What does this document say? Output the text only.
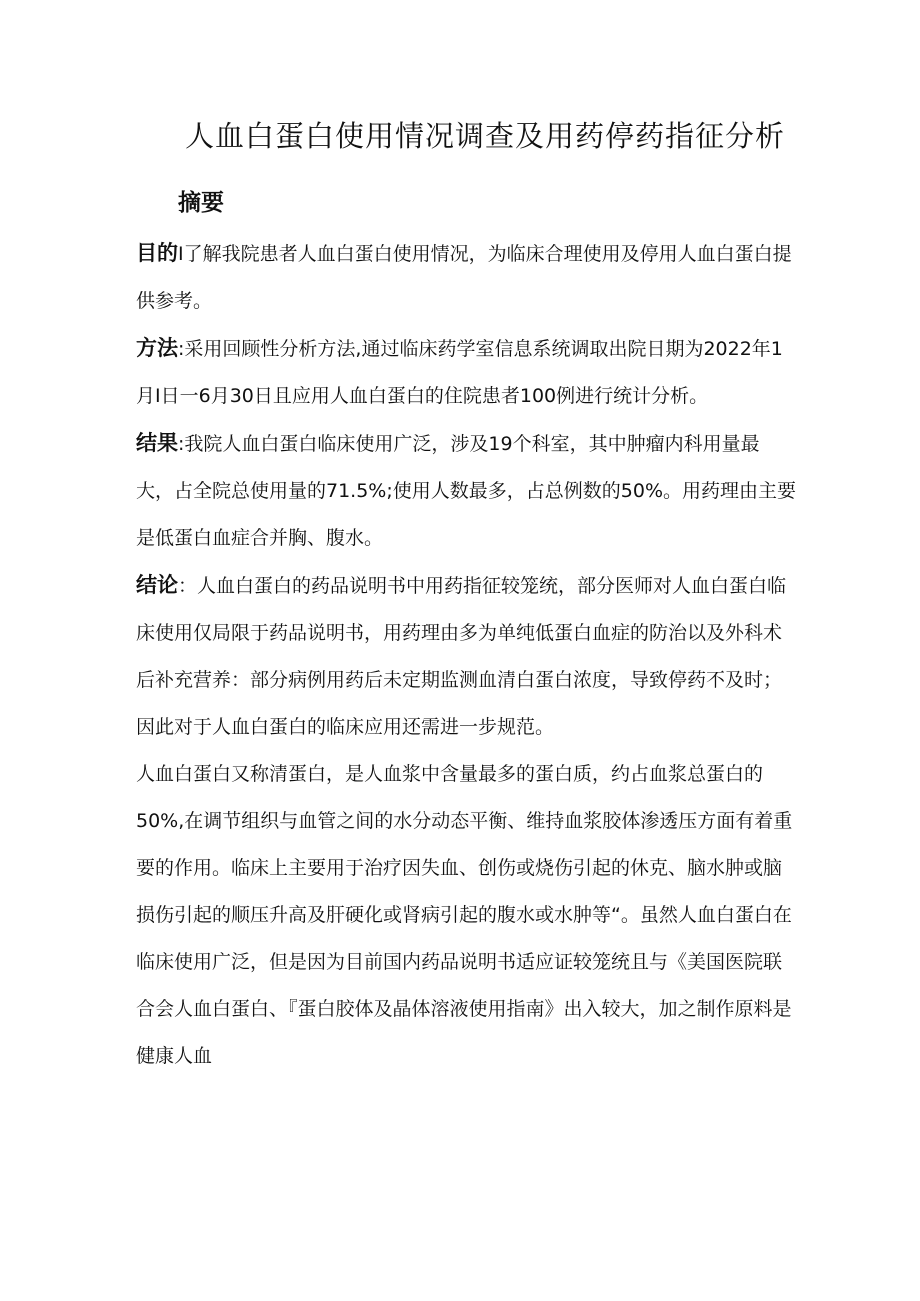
人血白蛋白使用情况调查及用药停药指征分析
摘要

目的I了解我院患者人血白蛋白使用情况，为临床合理使用及停用人血白蛋白提供参考。

方法:采用回顾性分析方法,通过临床药学室信息系统调取出院日期为2022年1月I日一6月30日且应用人血白蛋白的住院患者100例进行统计分析。

结果:我院人血白蛋白临床使用广泛，涉及19个科室，其中肿瘤内科用量最大，占全院总使用量的71.5%;使用人数最多，占总例数的50%。用药理由主要是低蛋白血症合并胸、腹水。

结论：人血白蛋白的药品说明书中用药指征较笼统，部分医师对人血白蛋白临床使用仅局限于药品说明书，用药理由多为单纯低蛋白血症的防治以及外科术后补充营养：部分病例用药后未定期监测血清白蛋白浓度，导致停药不及时；因此对于人血白蛋白的临床应用还需进一步规范。

人血白蛋白又称清蛋白，是人血浆中含量最多的蛋白质，约占血浆总蛋白的50%,在调节组织与血管之间的水分动态平衡、维持血浆胶体渗透压方面有着重要的作用。临床上主要用于治疗因失血、创伤或烧伤引起的休克、脑水肿或脑损伤引起的顺压升高及肝硬化或肾病引起的腹水或水肿等“。虽然人血白蛋白在临床使用广泛，但是因为目前国内药品说明书适应证较笼统且与《美国医院联合会人血白蛋白、『蛋白胶体及晶体溶液使用指南》出入较大，加之制作原料是健康人血
